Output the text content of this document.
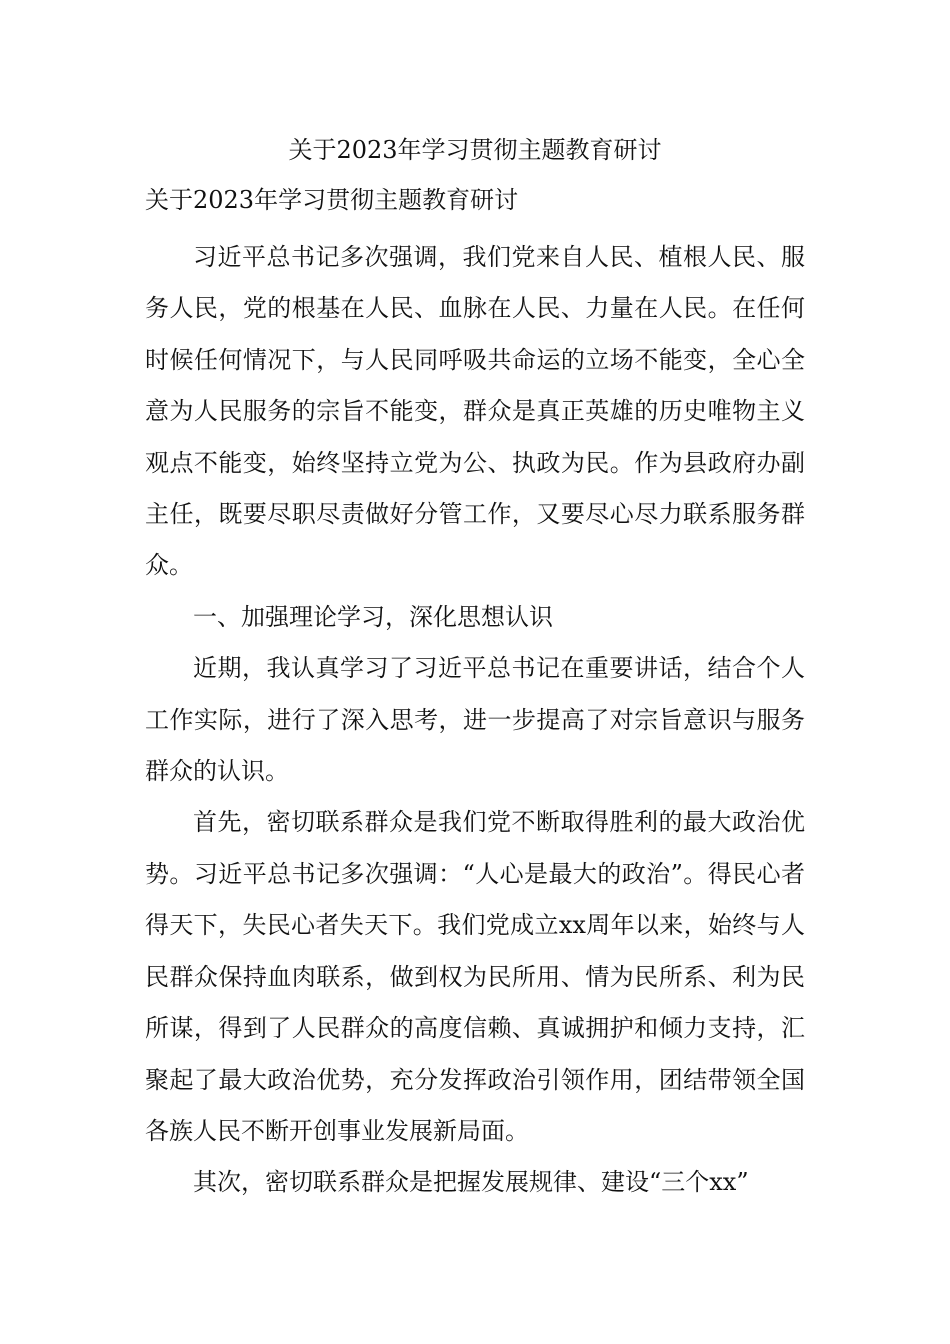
关于2023年学习贯彻主题教育研讨
关于2023年学习贯彻主题教育研讨

习近平总书记多次强调，我们党来自人民、植根人民、服务人民，党的根基在人民、血脉在人民、力量在人民。在任何时候任何情况下，与人民同呼吸共命运的立场不能变，全心全意为人民服务的宗旨不能变，群众是真正英雄的历史唯物主义观点不能变，始终坚持立党为公、执政为民。作为县政府办副主任，既要尽职尽责做好分管工作，又要尽心尽力联系服务群众。

一、加强理论学习，深化思想认识

近期，我认真学习了习近平总书记在重要讲话，结合个人工作实际，进行了深入思考，进一步提高了对宗旨意识与服务群众的认识。

首先，密切联系群众是我们党不断取得胜利的最大政治优势。习近平总书记多次强调：“人心是最大的政治”。得民心者得天下，失民心者失天下。我们党成立xx周年以来，始终与人民群众保持血肉联系，做到权为民所用、情为民所系、利为民所谋，得到了人民群众的高度信赖、真诚拥护和倾力支持，汇聚起了最大政治优势，充分发挥政治引领作用，团结带领全国各族人民不断开创事业发展新局面。

其次，密切联系群众是把握发展规律、建设“三个xx”
